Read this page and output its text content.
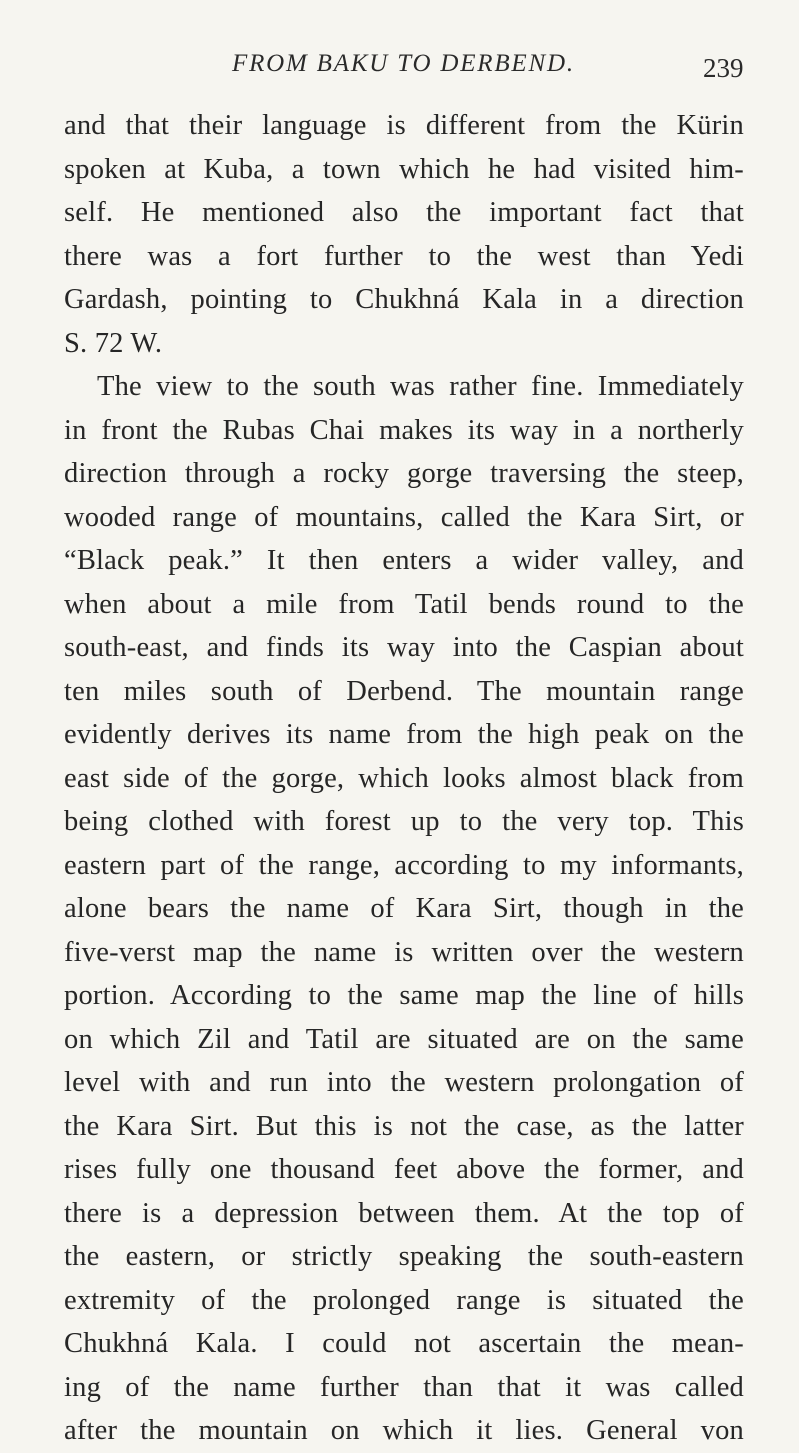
FROM BAKU TO DERBEND.	239
and that their language is different from the Kürin
spoken at Kuba, a town which he had visited him-
self. He mentioned also the important fact that
there was a fort further to the west than Yedi
Gardash, pointing to Chukhná Kala in a direction
S. 72 W.
The view to the south was rather fine. Immediately
in front the Rubas Chai makes its way in a northerly
direction through a rocky gorge traversing the steep,
wooded range of mountains, called the Kara Sirt, or
“Black peak.” It then enters a wider valley, and
when about a mile from Tatil bends round to the
south-east, and finds its way into the Caspian about
ten miles south of Derbend. The mountain range
evidently derives its name from the high peak on the
east side of the gorge, which looks almost black from
being clothed with forest up to the very top. This
eastern part of the range, according to my informants,
alone bears the name of Kara Sirt, though in the
five-verst map the name is written over the western
portion. According to the same map the line of hills
on which Zil and Tatil are situated are on the same
level with and run into the western prolongation of
the Kara Sirt. But this is not the case, as the latter
rises fully one thousand feet above the former, and
there is a depression between them. At the top of
the eastern, or strictly speaking the south-eastern
extremity of the prolonged range is situated the
Chukhná Kala. I could not ascertain the mean-
ing of the name further than that it was called
after the mountain on which it lies. General von
